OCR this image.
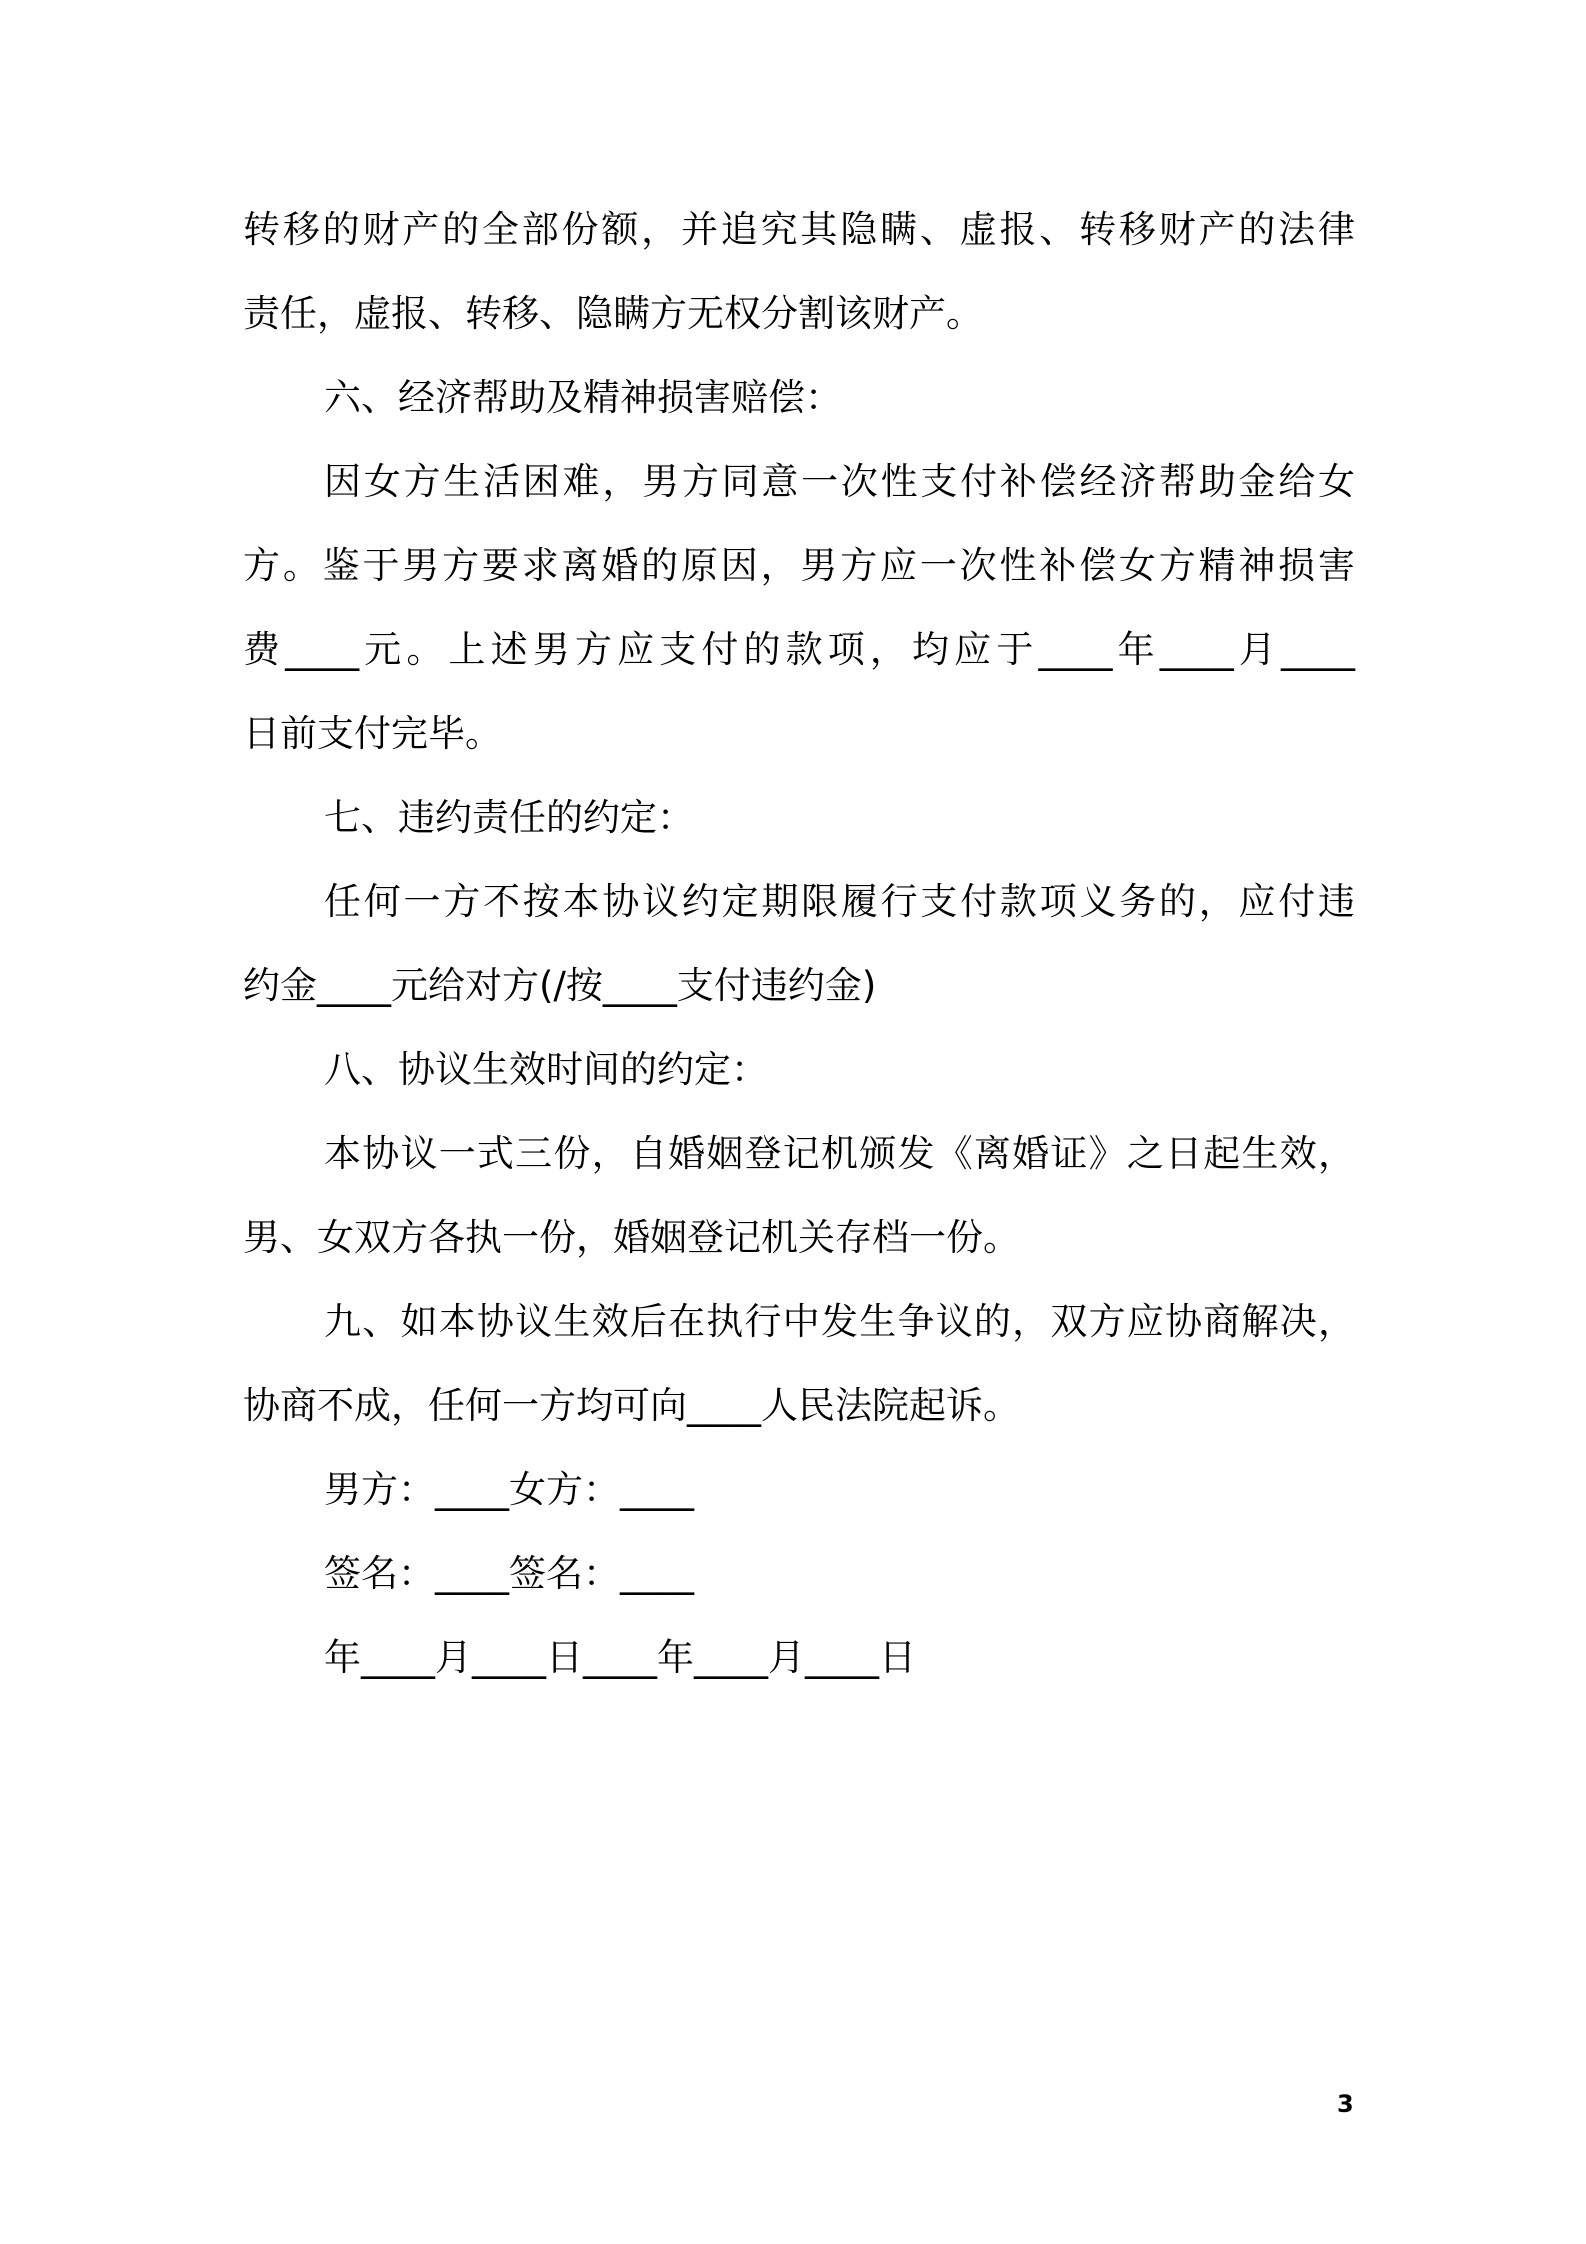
转移的财产的全部份额，并追究其隐瞒、虚报、转移财产的法律
责任，虚报、转移、隐瞒方无权分割该财产。
六、经济帮助及精神损害赔偿：
因女方生活困难，男方同意一次性支付补偿经济帮助金给女
方。鉴于男方要求离婚的原因，男方应一次性补偿女方精神损害
费____元。上述男方应支付的款项，均应于____年____月____
日前支付完毕。
七、违约责任的约定：
任何一方不按本协议约定期限履行支付款项义务的，应付违
约金____元给对方(/按____支付违约金)
八、协议生效时间的约定：
本协议一式三份，自婚姻登记机颁发《离婚证》之日起生效，
男、女双方各执一份，婚姻登记机关存档一份。
九、如本协议生效后在执行中发生争议的，双方应协商解决，
协商不成，任何一方均可向____人民法院起诉。
男方：____女方：____
签名：____签名：____
年____月____日____年____月____日
3
